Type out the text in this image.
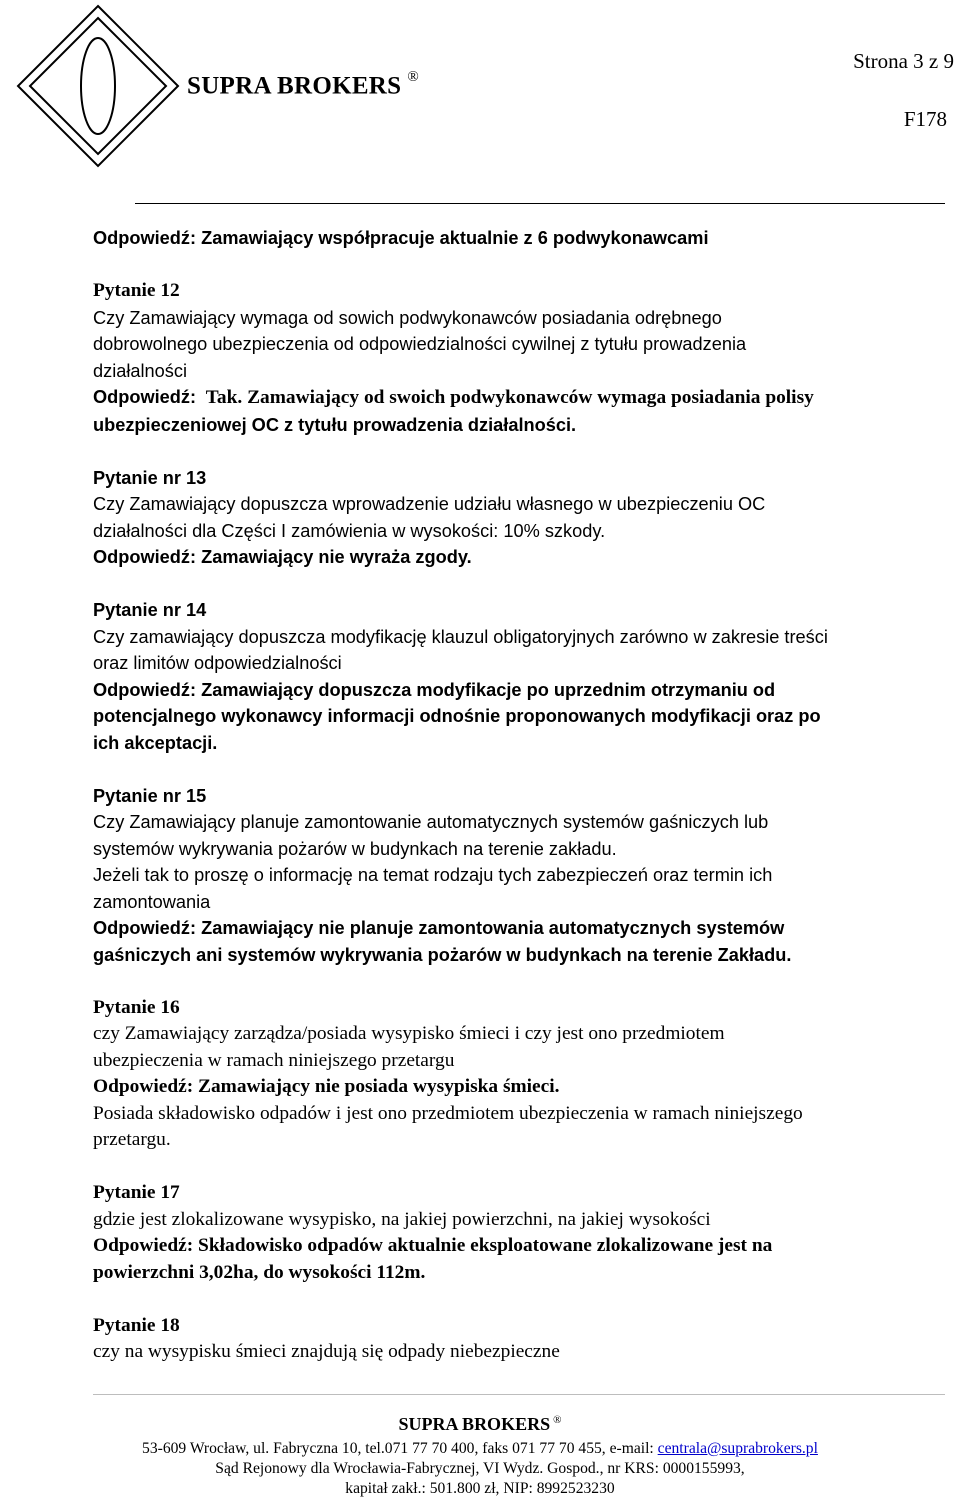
SUPRA BROKERS ®
Strona 3 z 9
F178

Odpowiedź: Zamawiający współpracuje aktualnie z 6 podwykonawcami

Pytanie 12

Czy Zamawiający wymaga od sowich podwykonawców posiadania odrębnego

dobrowolnego ubezpieczenia od odpowiedzialności cywilnej z tytułu prowadzenia

działalności

Odpowiedź: Tak. Zamawiający od swoich podwykonawców wymaga posiadania polisy

ubezpieczeniowej OC z tytułu prowadzenia działalności.

Pytanie nr 13

Czy Zamawiający dopuszcza wprowadzenie udziału własnego w ubezpieczeniu OC

działalności dla Części I zamówienia w wysokości: 10% szkody.

Odpowiedź: Zamawiający nie wyraża zgody.

Pytanie nr 14

Czy zamawiający dopuszcza modyfikację klauzul obligatoryjnych zarówno w zakresie treści

oraz limitów odpowiedzialności

Odpowiedź: Zamawiający dopuszcza modyfikacje po uprzednim otrzymaniu od

potencjalnego wykonawcy informacji odnośnie proponowanych modyfikacji oraz po

ich akceptacji.

Pytanie nr 15

Czy Zamawiający planuje zamontowanie automatycznych systemów gaśniczych lub

systemów wykrywania pożarów w budynkach na terenie zakładu.

Jeżeli tak to proszę o informację na temat rodzaju tych zabezpieczeń oraz termin ich

zamontowania

Odpowiedź: Zamawiający nie planuje zamontowania automatycznych systemów

gaśniczych ani systemów wykrywania pożarów w budynkach na terenie Zakładu.

Pytanie 16

czy Zamawiający zarządza/posiada wysypisko śmieci i czy jest ono przedmiotem

ubezpieczenia w ramach niniejszego przetargu

Odpowiedź: Zamawiający nie posiada wysypiska śmieci.

Posiada składowisko odpadów i jest ono przedmiotem ubezpieczenia w ramach niniejszego

przetargu.

Pytanie 17

gdzie jest zlokalizowane wysypisko, na jakiej powierzchni, na jakiej wysokości

Odpowiedź: Składowisko odpadów aktualnie eksploatowane zlokalizowane jest na

powierzchni 3,02ha, do wysokości 112m.

Pytanie 18

czy na wysypisku śmieci znajdują się odpady niebezpieczne

SUPRA BROKERS ®
53-609 Wrocław, ul. Fabryczna 10, tel.071 77 70 400, faks 071 77 70 455, e-mail: centrala@suprabrokers.pl
Sąd Rejonowy dla Wrocławia-Fabrycznej, VI Wydz. Gospod., nr KRS: 0000155993,
kapitał zakł.: 501.800 zł, NIP: 8992523230
